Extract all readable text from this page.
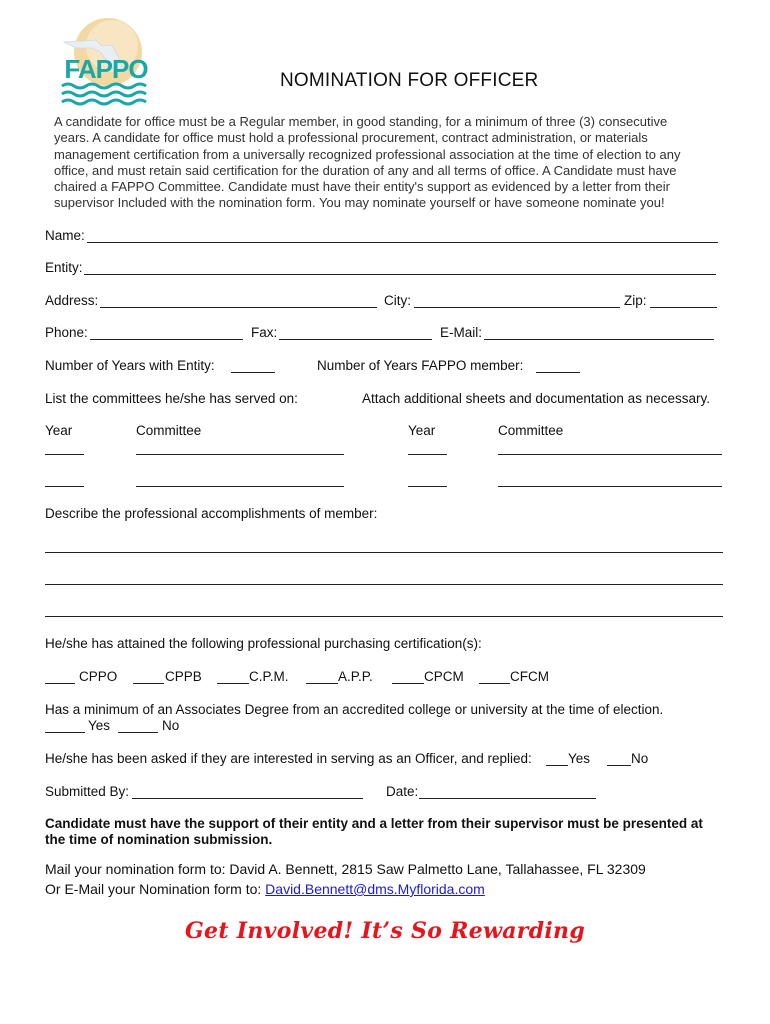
FAPPO	NOMINATION FOR OFFICER
A candidate for office must be a Regular member, in good standing, for a minimum of three (3) consecutive
years. A candidate for office must hold a professional procurement, contract administration, or materials
management certification from a universally recognized professional association at the time of election to any
office, and must retain said certification for the duration of any and all terms of office. A Candidate must have
chaired a FAPPO Committee. Candidate must have their entity's support as evidenced by a letter from their
supervisor Included with the nomination form. You may nominate yourself or have someone nominate you!
Name:
Entity:
Address:	City:	Zip:
Phone:	Fax:	E-Mail:
Number of Years with Entity:	Number of Years FAPPO member:
List the committees he/she has served on:	Attach additional sheets and documentation as necessary.
Year	Committee	Year	Committee
Describe the professional accomplishments of member:
He/she has attained the following professional purchasing certification(s):
CPPO	CPPB	C.P.M.	A.P.P.	CPCM	CFCM
Has a minimum of an Associates Degree from an accredited college or university at the time of election.
Yes	No
He/she has been asked if they are interested in serving as an Officer, and replied:	Yes	No
Submitted By:	Date:
Candidate must have the support of their entity and a letter from their supervisor must be presented at
the time of nomination submission.
Mail your nomination form to: David A. Bennett, 2815 Saw Palmetto Lane, Tallahassee, FL 32309
Or E-Mail your Nomination form to: David.Bennett@dms.Myflorida.com
Get Involved! It’s So Rewarding
